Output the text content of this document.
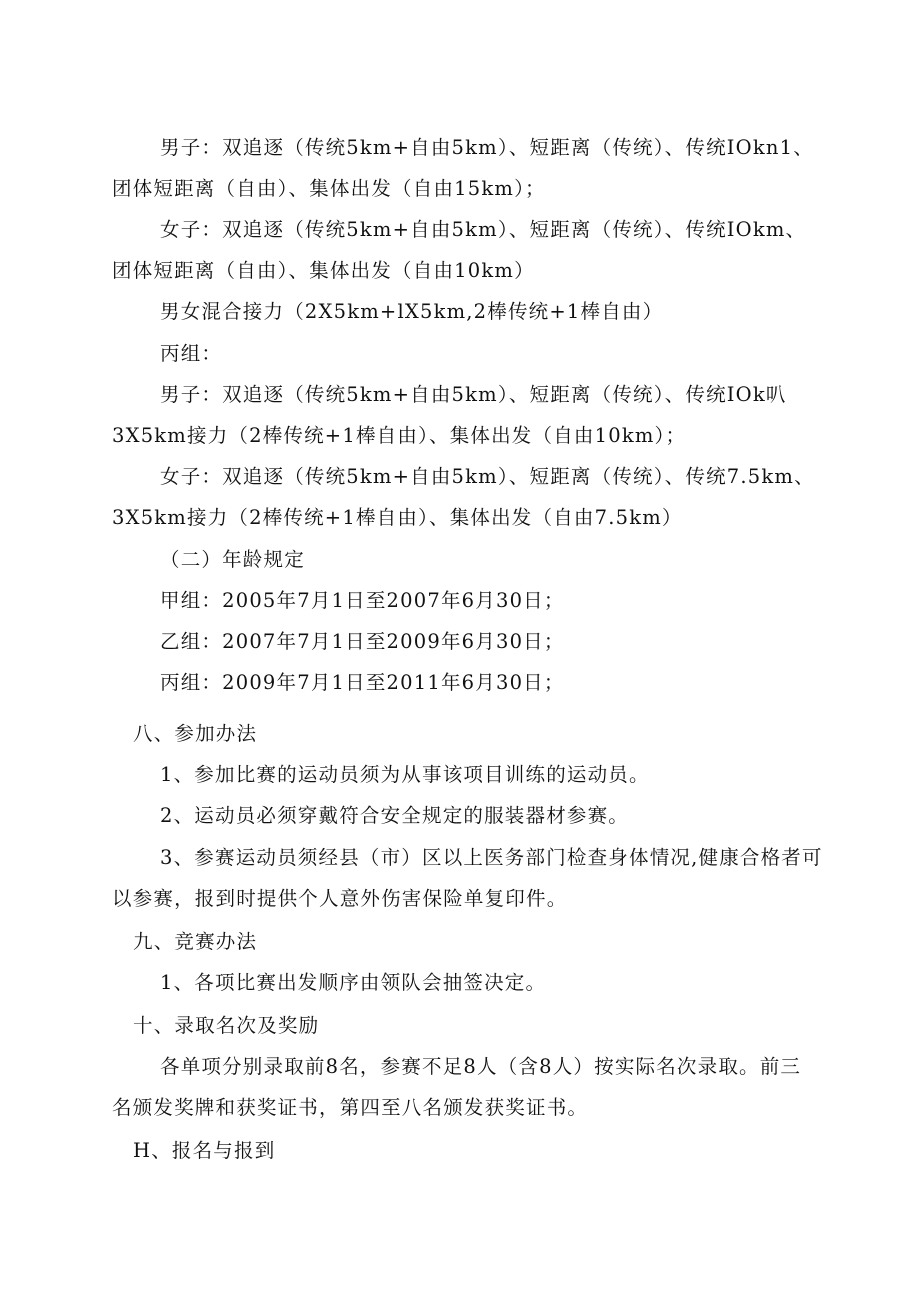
男子：双追逐（传统5km+自由5km）、短距离（传统）、传统IOkn1、
团体短距离（自由）、集体出发（自由15km）；
女子：双追逐（传统5km+自由5km）、短距离（传统）、传统IOkm、
团体短距离（自由）、集体出发（自由10km）
男女混合接力（2X5km+lX5km,2棒传统+1棒自由）
丙组：
男子：双追逐（传统5km+自由5km）、短距离（传统）、传统IOk叭
3X5km接力（2棒传统+1棒自由）、集体出发（自由10km）；
女子：双追逐（传统5km+自由5km）、短距离（传统）、传统7.5km、
3X5km接力（2棒传统+1棒自由）、集体出发（自由7.5km）
（二）年龄规定
甲组：2005年7月1日至2007年6月30日；
乙组：2007年7月1日至2009年6月30日；
丙组：2009年7月1日至2011年6月30日；
八、参加办法
1、参加比赛的运动员须为从事该项目训练的运动员。
2、运动员必须穿戴符合安全规定的服装器材参赛。
3、参赛运动员须经县（市）区以上医务部门检查身体情况,健康合格者可
以参赛，报到时提供个人意外伤害保险单复印件。
九、竞赛办法
1、各项比赛出发顺序由领队会抽签决定。
十、录取名次及奖励
各单项分别录取前8名，参赛不足8人（含8人）按实际名次录取。前三
名颁发奖牌和获奖证书，第四至八名颁发获奖证书。
H、报名与报到
